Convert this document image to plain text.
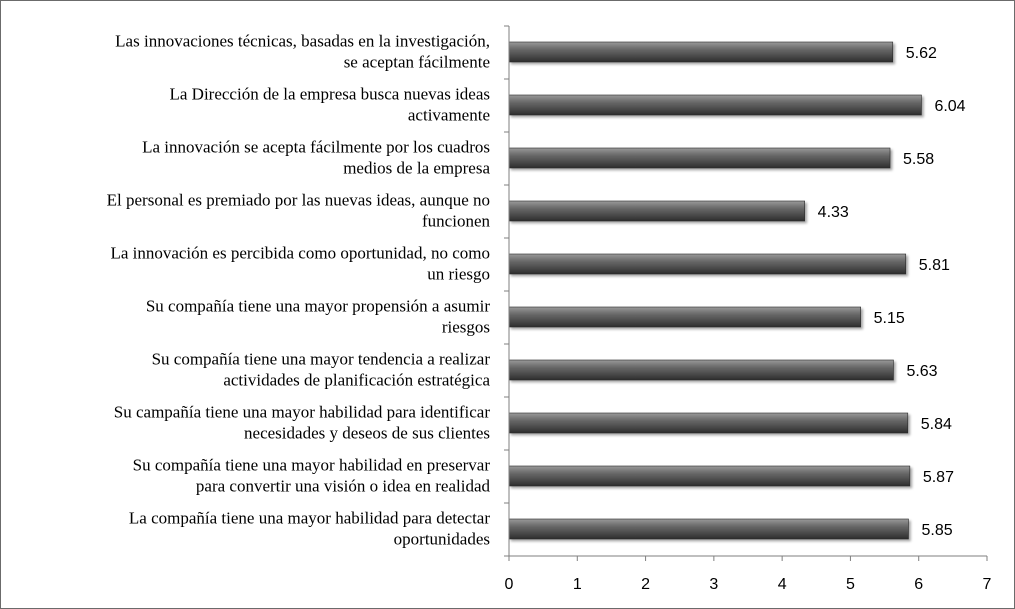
Las innovaciones técnicas, basadas en la investigación,
se aceptan fácilmente
La Dirección de la empresa busca nuevas ideas
activamente
La innovación se acepta fácilmente por los cuadros
medios de la empresa
El personal es premiado por las nuevas ideas, aunque no
funcionen
La innovación es percibida como oportunidad, no como
un riesgo
Su compañía tiene una mayor propensión a asumir
riesgos
Su compañía tiene una mayor tendencia a realizar
actividades de planificación estratégica
Su campañía tiene una mayor habilidad para identificar
necesidades y deseos de sus clientes
Su compañía tiene una mayor habilidad en preservar
para convertir una visión o idea en realidad
La compañía tiene una mayor habilidad para detectar
oportunidades
5.62
6.04
5.58
4.33
5.81
5.15
5.63
5.84
5.87
5.85
0	1	2	3	4	5	6	7
